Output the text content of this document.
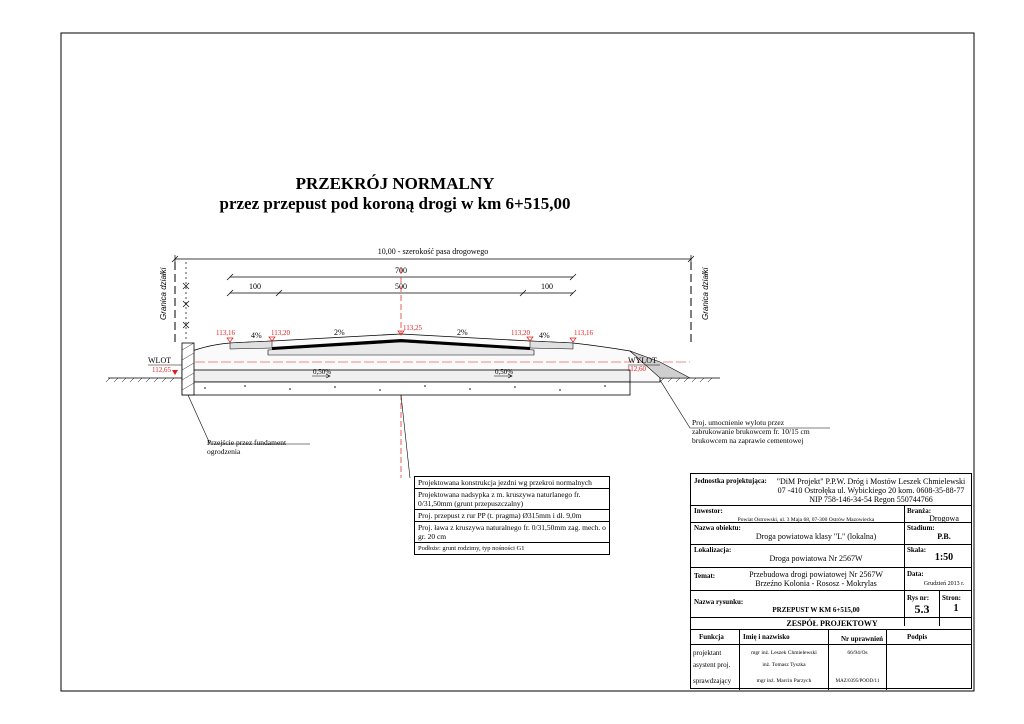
PRZEKRÓJ NORMALNY
przez przepust pod koroną drogi w km 6+515,00
10,00 - szerokość pasa drogowego
700
100	500	100
Granica działki	Granica działki
113,16	113,20
113,25
113,20	113,16
112,65	112,60
4%	2%	2%	4%
0,50%	0,50%
WLOT	WYLOT
Przejście przez fundament
ogrodzenia
Proj. umocnienie wylotu przez
zabrukowanie brukowcem fr. 10/15 cm
brukowcem na zaprawie cementowej
Projektowana konstrukcja jezdni wg przekroi normalnych
Projektowana nadsypka z m. kruszywa naturlanego fr. 0/31,50mm (grunt przepuszczalny)
Proj. przepust z rur PP (t. pragma) Ø315mm i dł. 9,0m
Proj. ława z kruszywa naturalnego fr. 0/31,50mm zag. mech. o gr. 20 cm
Podłoże: grunt rodzimy, typ nośności G1
Jednostka projektująca:	"DiM Projekt" P.P.W. Dróg i Mostów Leszek Chmielewski
07 -410 Ostrołęka ul. Wybickiego 20 kom. 0608-35-88-77
NIP 758-146-34-54 Regon 550744766
Inwestor:
Powiat Ostrowski, ul. 3 Maja 68, 07-300 Ostrów Mazowiecka
Branża:
Drogowa
Nazwa obiektu:
Droga powiatowa klasy "L" (lokalna)
Stadium:
P.B.
Lokalizacja:
Droga powiatowa Nr 2567W
Skala:
1:50
Temat:	Przebudowa drogi powiatowej Nr 2567W
Brzeźno Kolonia - Rososz - Mokrylas
Data:
Grudzień 2013 r.
Nazwa rysunku:
PRZEPUST W KM 6+515,00
Rys nr:
5.3
Stron:
1
ZESPÓŁ PROJEKTOWY
Funkcja	Imię i nazwisko	Nr uprawnień	Podpis
projektant	mgr inż. Leszek Chmielewski	66/94/Os
asystent proj.	inż. Tomasz Tyszka
sprawdzający	mgr inż. Marcin Parzych	MAZ/0395/POOD/11
